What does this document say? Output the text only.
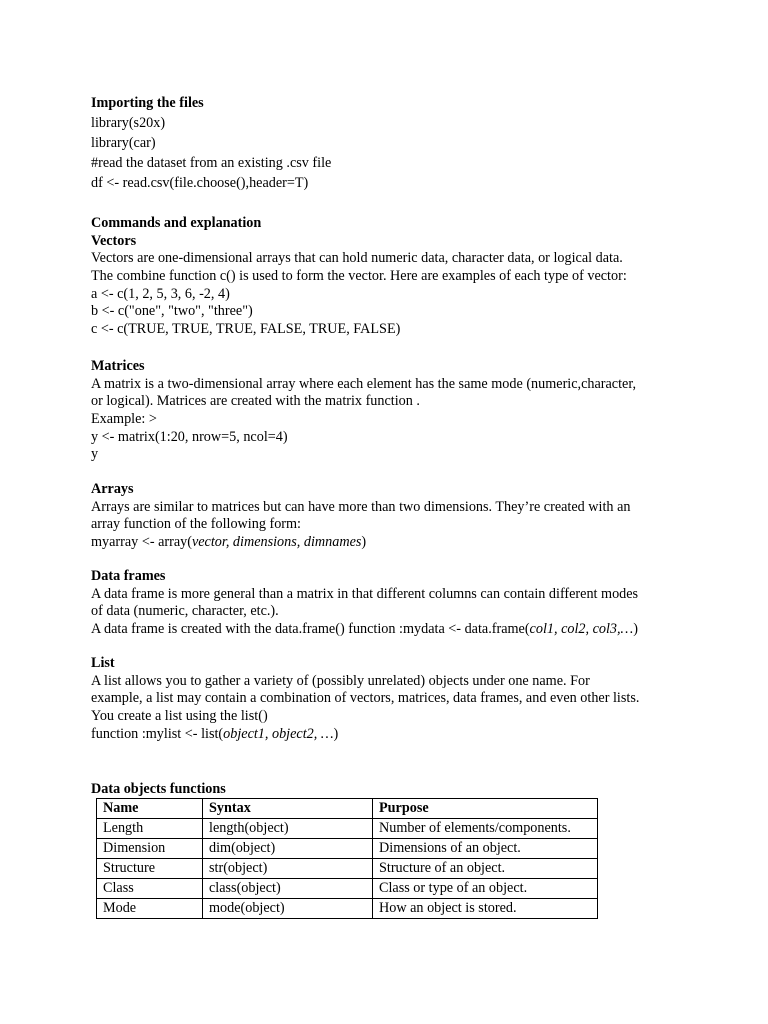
Importing the files
library(s20x)
library(car)
#read the dataset from an existing .csv file
df <- read.csv(file.choose(),header=T)
Commands and explanation
Vectors
Vectors are one-dimensional arrays that can hold numeric data, character data, or logical data.
The combine function c() is used to form the vector. Here are examples of each type of vector:
a <- c(1, 2, 5, 3, 6, -2, 4)
b <- c("one", "two", "three")
c <- c(TRUE, TRUE, TRUE, FALSE, TRUE, FALSE)
Matrices
A matrix is a two-dimensional array where each element has the same mode (numeric,character,
or logical). Matrices are created with the matrix function .
Example: >
y <- matrix(1:20, nrow=5, ncol=4)
y
Arrays
Arrays are similar to matrices but can have more than two dimensions. They’re created with an
array function of the following form:
myarray <- array(vector, dimensions, dimnames)
Data frames
A data frame is more general than a matrix in that different columns can contain different modes
of data (numeric, character, etc.).
A data frame is created with the data.frame() function :mydata <- data.frame(col1, col2, col3,…)
List
A list allows you to gather a variety of (possibly unrelated) objects under one name. For
example, a list may contain a combination of vectors, matrices, data frames, and even other lists.
You create a list using the list()
function :mylist <- list(object1, object2, …)
Data objects functions
Name	Syntax	Purpose
Length	length(object)	Number of elements/components.
Dimension	dim(object)	Dimensions of an object.
Structure	str(object)	Structure of an object.
Class	class(object)	Class or type of an object.
Mode	mode(object)	How an object is stored.
